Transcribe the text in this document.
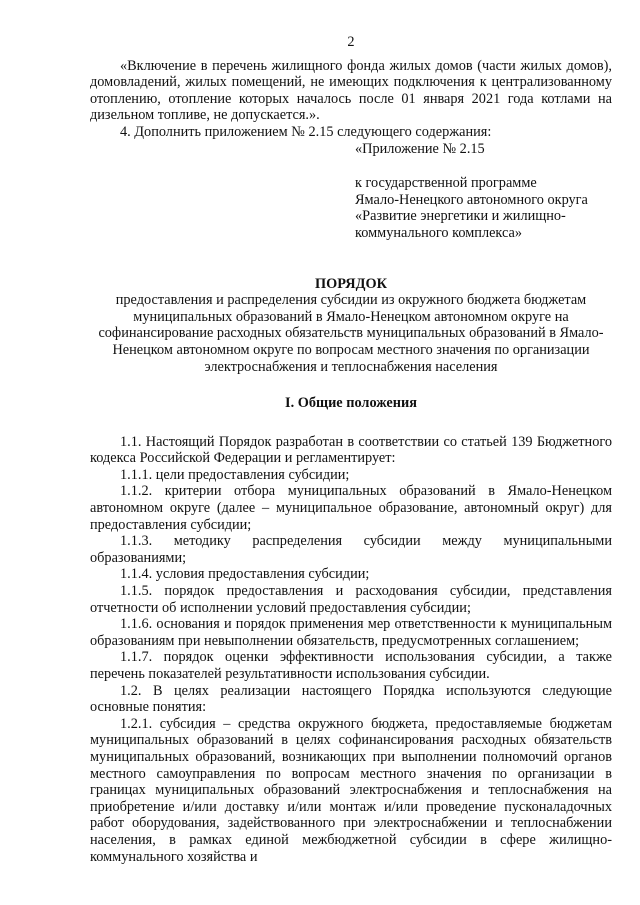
2

«Включение в перечень жилищного фонда жилых домов (части жилых домов), домовладений, жилых помещений, не имеющих подключения к централизованному отоплению, отопление которых началось после 01 января 2021 года котлами на дизельном топливе, не допускается.».

4. Дополнить приложением № 2.15 следующего содержания:

«Приложение № 2.15

к государственной программе

Ямало-Ненецкого автономного округа

«Развитие энергетики и жилищно-

коммунального комплекса»

ПОРЯДОК
предоставления и распределения субсидии из окружного бюджета бюджетам муниципальных образований в Ямало-Ненецком автономном округе на софинансирование расходных обязательств муниципальных образований в Ямало-Ненецком автономном округе по вопросам местного значения по организации электроснабжения и теплоснабжения населения
I. Общие положения

1.1. Настоящий Порядок разработан в соответствии со статьей 139 Бюджетного кодекса Российской Федерации и регламентирует:

1.1.1. цели предоставления субсидии;

1.1.2. критерии отбора муниципальных образований в Ямало-Ненецком автономном округе (далее – муниципальное образование, автономный округ) для предоставления субсидии;

1.1.3. методику распределения субсидии между муниципальными образованиями;

1.1.4. условия предоставления субсидии;

1.1.5. порядок предоставления и расходования субсидии, представления отчетности об исполнении условий предоставления субсидии;

1.1.6. основания и порядок применения мер ответственности к муниципальным образованиям при невыполнении обязательств, предусмотренных соглашением;

1.1.7. порядок оценки эффективности использования субсидии, а также перечень показателей результативности использования субсидии.

1.2. В целях реализации настоящего Порядка используются следующие основные понятия:

1.2.1. субсидия – средства окружного бюджета, предоставляемые бюджетам муниципальных образований в целях софинансирования расходных обязательств муниципальных образований, возникающих при выполнении полномочий органов местного самоуправления по вопросам местного значения по организации в границах муниципальных образований электроснабжения и теплоснабжения на приобретение и/или доставку и/или монтаж и/или проведение пусконаладочных работ оборудования, задействованного при электроснабжении и теплоснабжении населения, в рамках единой межбюджетной субсидии в сфере жилищно-коммунального хозяйства и
